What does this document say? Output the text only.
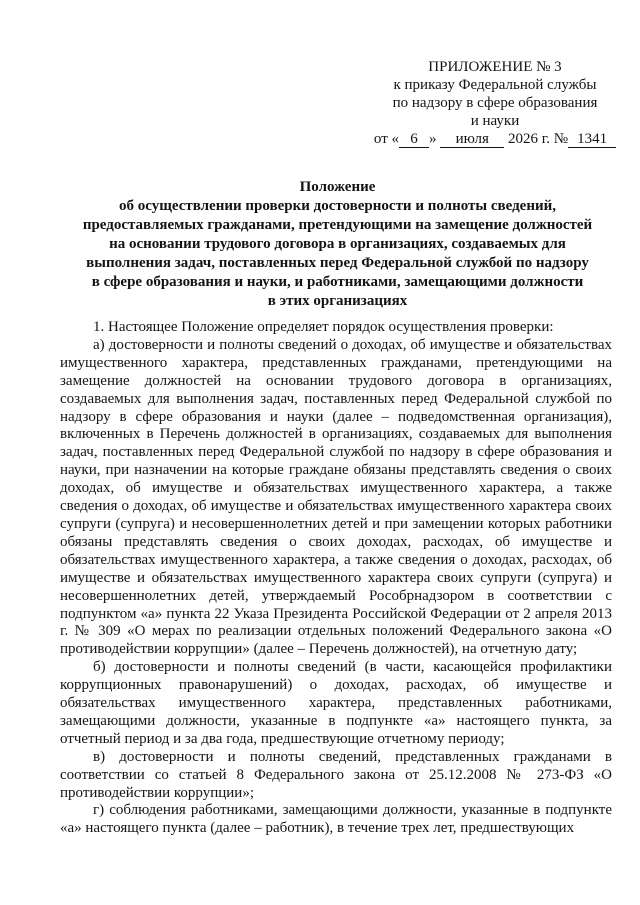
ПРИЛОЖЕНИЕ № 3
к приказу Федеральной службы
по надзору в сфере образования
и науки
от « 6 » июля 2026 г. № 1341
Положение
об осуществлении проверки достоверности и полноты сведений,
предоставляемых гражданами, претендующими на замещение должностей
на основании трудового договора в организациях, создаваемых для
выполнения задач, поставленных перед Федеральной службой по надзору
в сфере образования и науки, и работниками, замещающими должности
в этих организациях

1. Настоящее Положение определяет порядок осуществления проверки:

а) достоверности и полноты сведений о доходах, об имуществе и обязательствах имущественного характера, представленных гражданами, претендующими на замещение должностей на основании трудового договора в организациях, создаваемых для выполнения задач, поставленных перед Федеральной службой по надзору в сфере образования и науки (далее – подведомственная организация), включенных в Перечень должностей в организациях, создаваемых для выполнения задач, поставленных перед Федеральной службой по надзору в сфере образования и науки, при назначении на которые граждане обязаны представлять сведения о своих доходах, об имуществе и обязательствах имущественного характера, а также сведения о доходах, об имуществе и обязательствах имущественного характера своих супруги (супруга) и несовершеннолетних детей и при замещении которых работники обязаны представлять сведения о своих доходах, расходах, об имуществе и обязательствах имущественного характера, а также сведения о доходах, расходах, об имуществе и обязательствах имущественного характера своих супруги (супруга) и несовершеннолетних детей, утверждаемый Рособрнадзором в соответствии с подпунктом «а» пункта 22 Указа Президента Российской Федерации от 2 апреля 2013 г. № 309 «О мерах по реализации отдельных положений Федерального закона «О противодействии коррупции» (далее – Перечень должностей), на отчетную дату;

б) достоверности и полноты сведений (в части, касающейся профилактики коррупционных правонарушений) о доходах, расходах, об имуществе и обязательствах имущественного характера, представленных работниками, замещающими должности, указанные в подпункте «а» настоящего пункта, за отчетный период и за два года, предшествующие отчетному периоду;

в) достоверности и полноты сведений, представленных гражданами в соответствии со статьей 8 Федерального закона от 25.12.2008 № 273-ФЗ «О противодействии коррупции»;

г) соблюдения работниками, замещающими должности, указанные в подпункте «а» настоящего пункта (далее – работник), в течение трех лет, предшествующих
